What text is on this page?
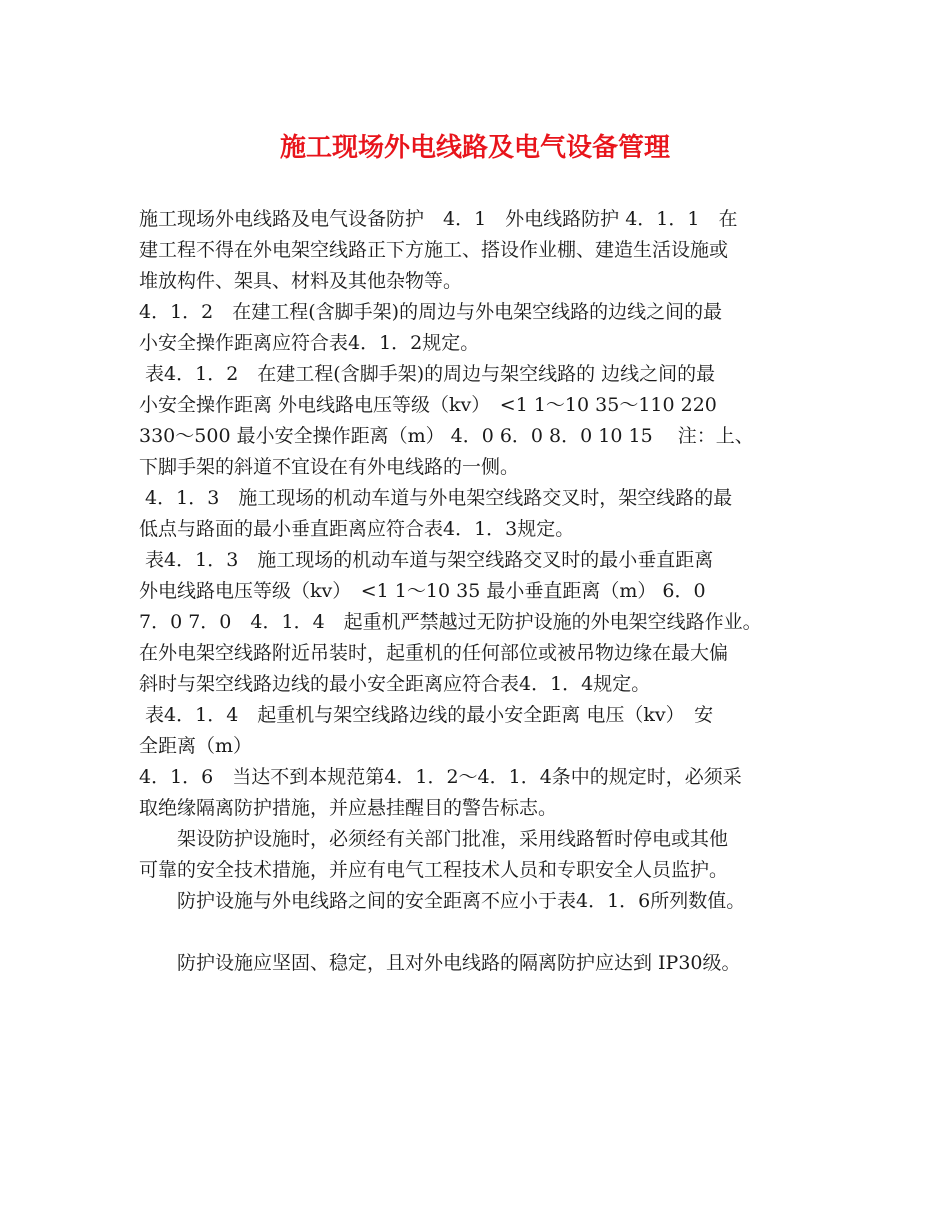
施工现场外电线路及电气设备管理
施工现场外电线路及电气设备防护　4．1　外电线路防护 4．1．1　在
建工程不得在外电架空线路正下方施工、搭设作业棚、建造生活设施或
堆放构件、架具、材料及其他杂物等。
4．1．2　在建工程(含脚手架)的周边与外电架空线路的边线之间的最
小安全操作距离应符合表4．1．2规定。
表4．1．2　在建工程(含脚手架)的周边与架空线路的 边线之间的最
小安全操作距离 外电线路电压等级（kv）　<1 1～10 35～110 220
330～500 最小安全操作距离（m） 4．0 6．0 8．0 10 15　 注：上、
下脚手架的斜道不宜设在有外电线路的一侧。
4．1．3　施工现场的机动车道与外电架空线路交叉时，架空线路的最
低点与路面的最小垂直距离应符合表4．1．3规定。
表4．1．3　施工现场的机动车道与架空线路交叉时的最小垂直距离
外电线路电压等级（kv）　<1 1～10 35 最小垂直距离（m） 6．0
7．0 7．0　4．1．4　起重机严禁越过无防护设施的外电架空线路作业。
在外电架空线路附近吊装时，起重机的任何部位或被吊物边缘在最大偏
斜时与架空线路边线的最小安全距离应符合表4．1．4规定。
表4．1．4　起重机与架空线路边线的最小安全距离 电压（kv）　安
全距离（m）
4．1．6　当达不到本规范第4．1．2～4．1．4条中的规定时，必须采
取绝缘隔离防护措施，并应悬挂醒目的警告标志。
　　架设防护设施时，必须经有关部门批准，采用线路暂时停电或其他
可靠的安全技术措施，并应有电气工程技术人员和专职安全人员监护。
　　防护设施与外电线路之间的安全距离不应小于表4．1．6所列数值。
　　防护设施应坚固、稳定，且对外电线路的隔离防护应达到 IP30级。
